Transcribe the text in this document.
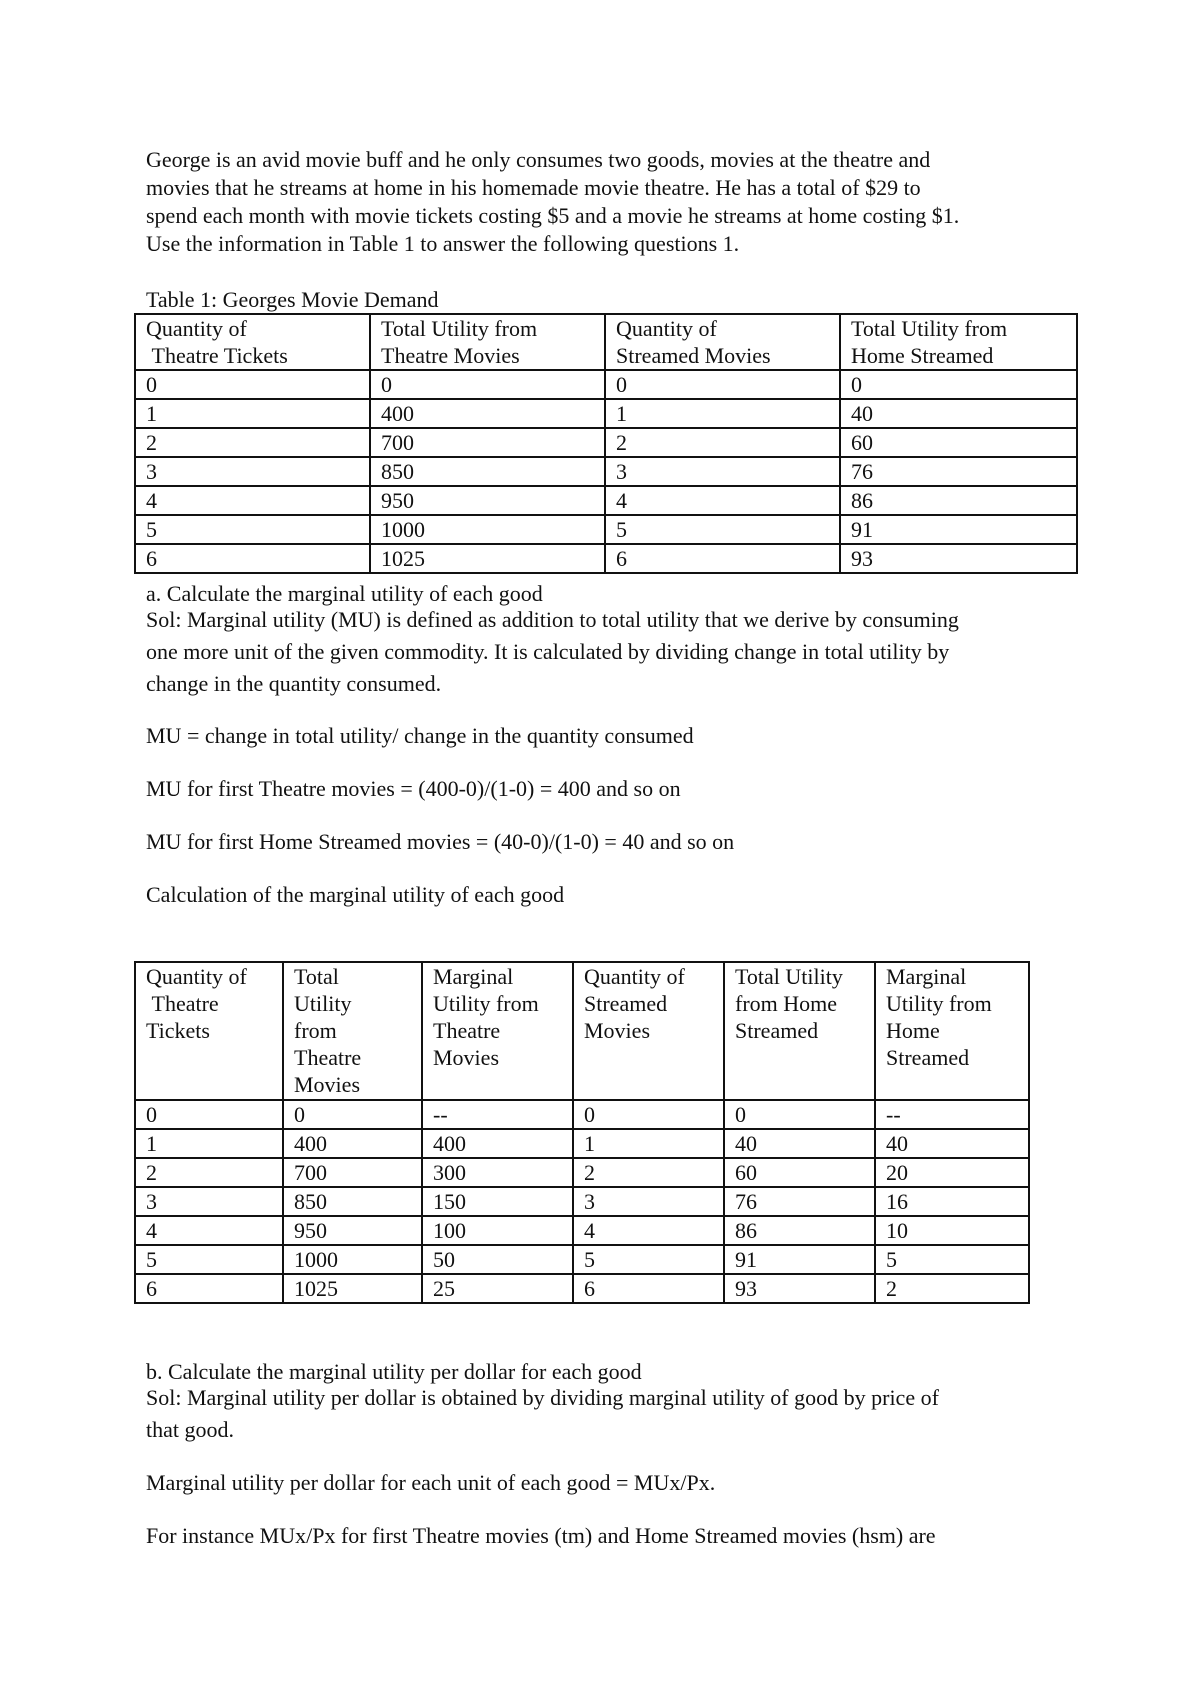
George is an avid movie buff and he only consumes two goods, movies at the theatre and

movies that he streams at home in his homemade movie theatre. He has a total of $29 to

spend each month with movie tickets costing $5 and a movie he streams at home costing $1.

Use the information in Table 1 to answer the following questions 1.

Table 1: Georges Movie Demand

Quantity of
Theatre Tickets	Total Utility from
Theatre Movies	Quantity of
Streamed Movies	Total Utility from
Home Streamed
0	0	0	0
1	400	1	40
2	700	2	60
3	850	3	76
4	950	4	86
5	1000	5	91
6	1025	6	93

a. Calculate the marginal utility of each good

Sol: Marginal utility (MU) is defined as addition to total utility that we derive by consuming

one more unit of the given commodity. It is calculated by dividing change in total utility by

change in the quantity consumed.

MU = change in total utility/ change in the quantity consumed

MU for first Theatre movies = (400-0)/(1-0) = 400 and so on

MU for first Home Streamed movies = (40-0)/(1-0) = 40 and so on

Calculation of the marginal utility of each good

Quantity of
Theatre
Tickets	Total
Utility
from
Theatre
Movies	Marginal
Utility from
Theatre
Movies	Quantity of
Streamed
Movies	Total Utility
from Home
Streamed	Marginal
Utility from
Home
Streamed
0	0	--	0	0	--
1	400	400	1	40	40
2	700	300	2	60	20
3	850	150	3	76	16
4	950	100	4	86	10
5	1000	50	5	91	5
6	1025	25	6	93	2

b. Calculate the marginal utility per dollar for each good

Sol: Marginal utility per dollar is obtained by dividing marginal utility of good by price of

that good.

Marginal utility per dollar for each unit of each good = MUx/Px.

For instance MUx/Px for first Theatre movies (tm) and Home Streamed movies (hsm) are
